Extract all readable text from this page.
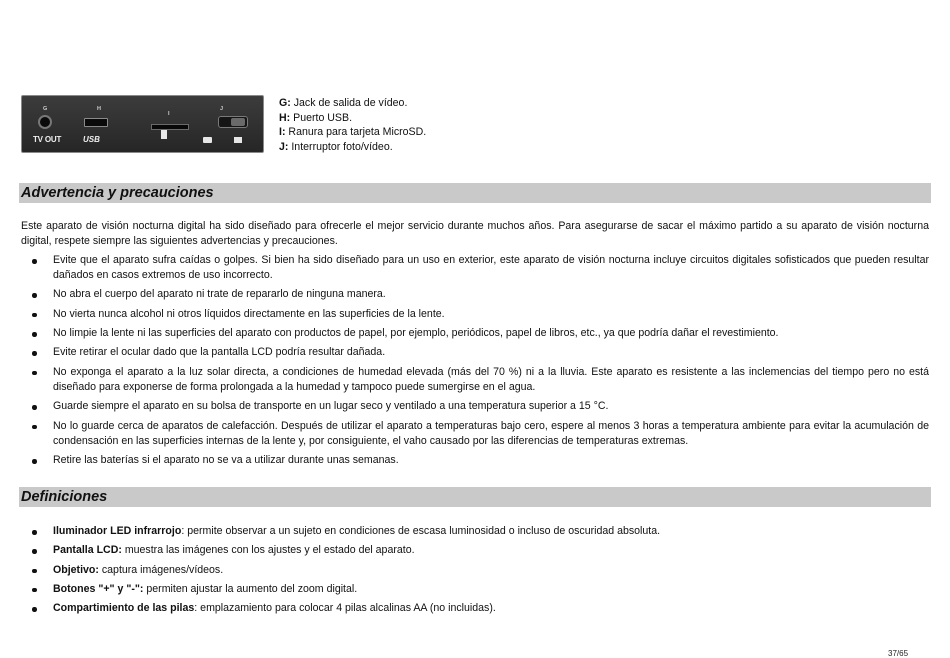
G	H
I
J
TV OUT	USB
G: Jack de salida de vídeo.
H: Puerto USB.
I: Ranura para tarjeta MicroSD.
J: Interruptor foto/vídeo.
Advertencia y precauciones

Este aparato de visión nocturna digital ha sido diseñado para ofrecerle el mejor servicio durante muchos años. Para asegurarse de sacar el máximo partido a su aparato de visión nocturna digital, respete siempre las siguientes advertencias y precauciones.

Evite que el aparato sufra caídas o golpes. Si bien ha sido diseñado para un uso en exterior, este aparato de visión nocturna incluye circuitos digitales sofisticados que pueden resultar dañados en casos extremos de uso incorrecto.
No abra el cuerpo del aparato ni trate de repararlo de ninguna manera.
No vierta nunca alcohol ni otros líquidos directamente en las superficies de la lente.
No limpie la lente ni las superficies del aparato con productos de papel, por ejemplo, periódicos, papel de libros, etc., ya que podría dañar el revestimiento.
Evite retirar el ocular dado que la pantalla LCD podría resultar dañada.
No exponga el aparato a la luz solar directa, a condiciones de humedad elevada (más del 70 %) ni a la lluvia. Este aparato es resistente a las inclemencias del tiempo pero no está diseñado para exponerse de forma prolongada a la humedad y tampoco puede sumergirse en el agua.
Guarde siempre el aparato en su bolsa de transporte en un lugar seco y ventilado a una temperatura superior a 15 °C.
No lo guarde cerca de aparatos de calefacción. Después de utilizar el aparato a temperaturas bajo cero, espere al menos 3 horas a temperatura ambiente para evitar la acumulación de condensación en las superficies internas de la lente y, por consiguiente, el vaho causado por las diferencias de temperaturas extremas.
Retire las baterías si el aparato no se va a utilizar durante unas semanas.
Definiciones
Iluminador LED infrarrojo: permite observar a un sujeto en condiciones de escasa luminosidad o incluso de oscuridad absoluta.
Pantalla LCD: muestra las imágenes con los ajustes y el estado del aparato.
Objetivo: captura imágenes/vídeos.
Botones "+" y "-": permiten ajustar la aumento del zoom digital.
Compartimiento de las pilas: emplazamiento para colocar 4 pilas alcalinas AA (no incluidas).
37/65
